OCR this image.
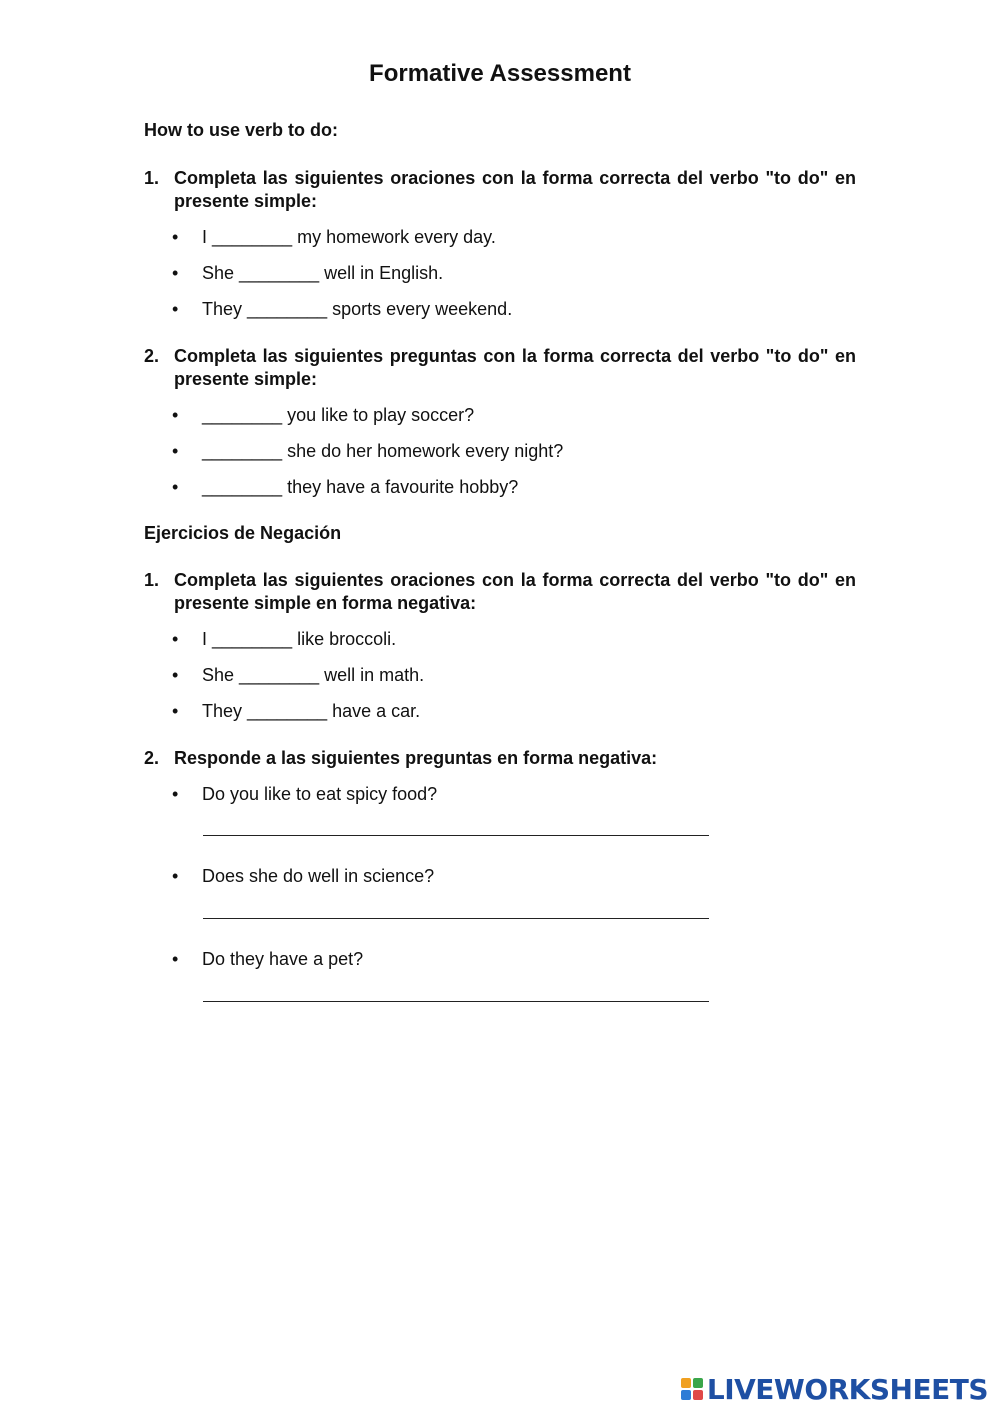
Formative Assessment
How to use verb to do:
1. Completa las siguientes oraciones con la forma correcta del verbo "to do" en presente simple:
• I ________ my homework every day.
• She ________ well in English.
• They ________ sports every weekend.
2. Completa las siguientes preguntas con la forma correcta del verbo "to do" en presente simple:
• ________ you like to play soccer?
• ________ she do her homework every night?
• ________ they have a favourite hobby?
Ejercicios de Negación
1. Completa las siguientes oraciones con la forma correcta del verbo "to do" en presente simple en forma negativa:
• I ________ like broccoli.
• She ________ well in math.
• They ________ have a car.
2. Responde a las siguientes preguntas en forma negativa:
• Do you like to eat spicy food?
• Does she do well in science?
• Do they have a pet?
LIVEWORKSHEETS
